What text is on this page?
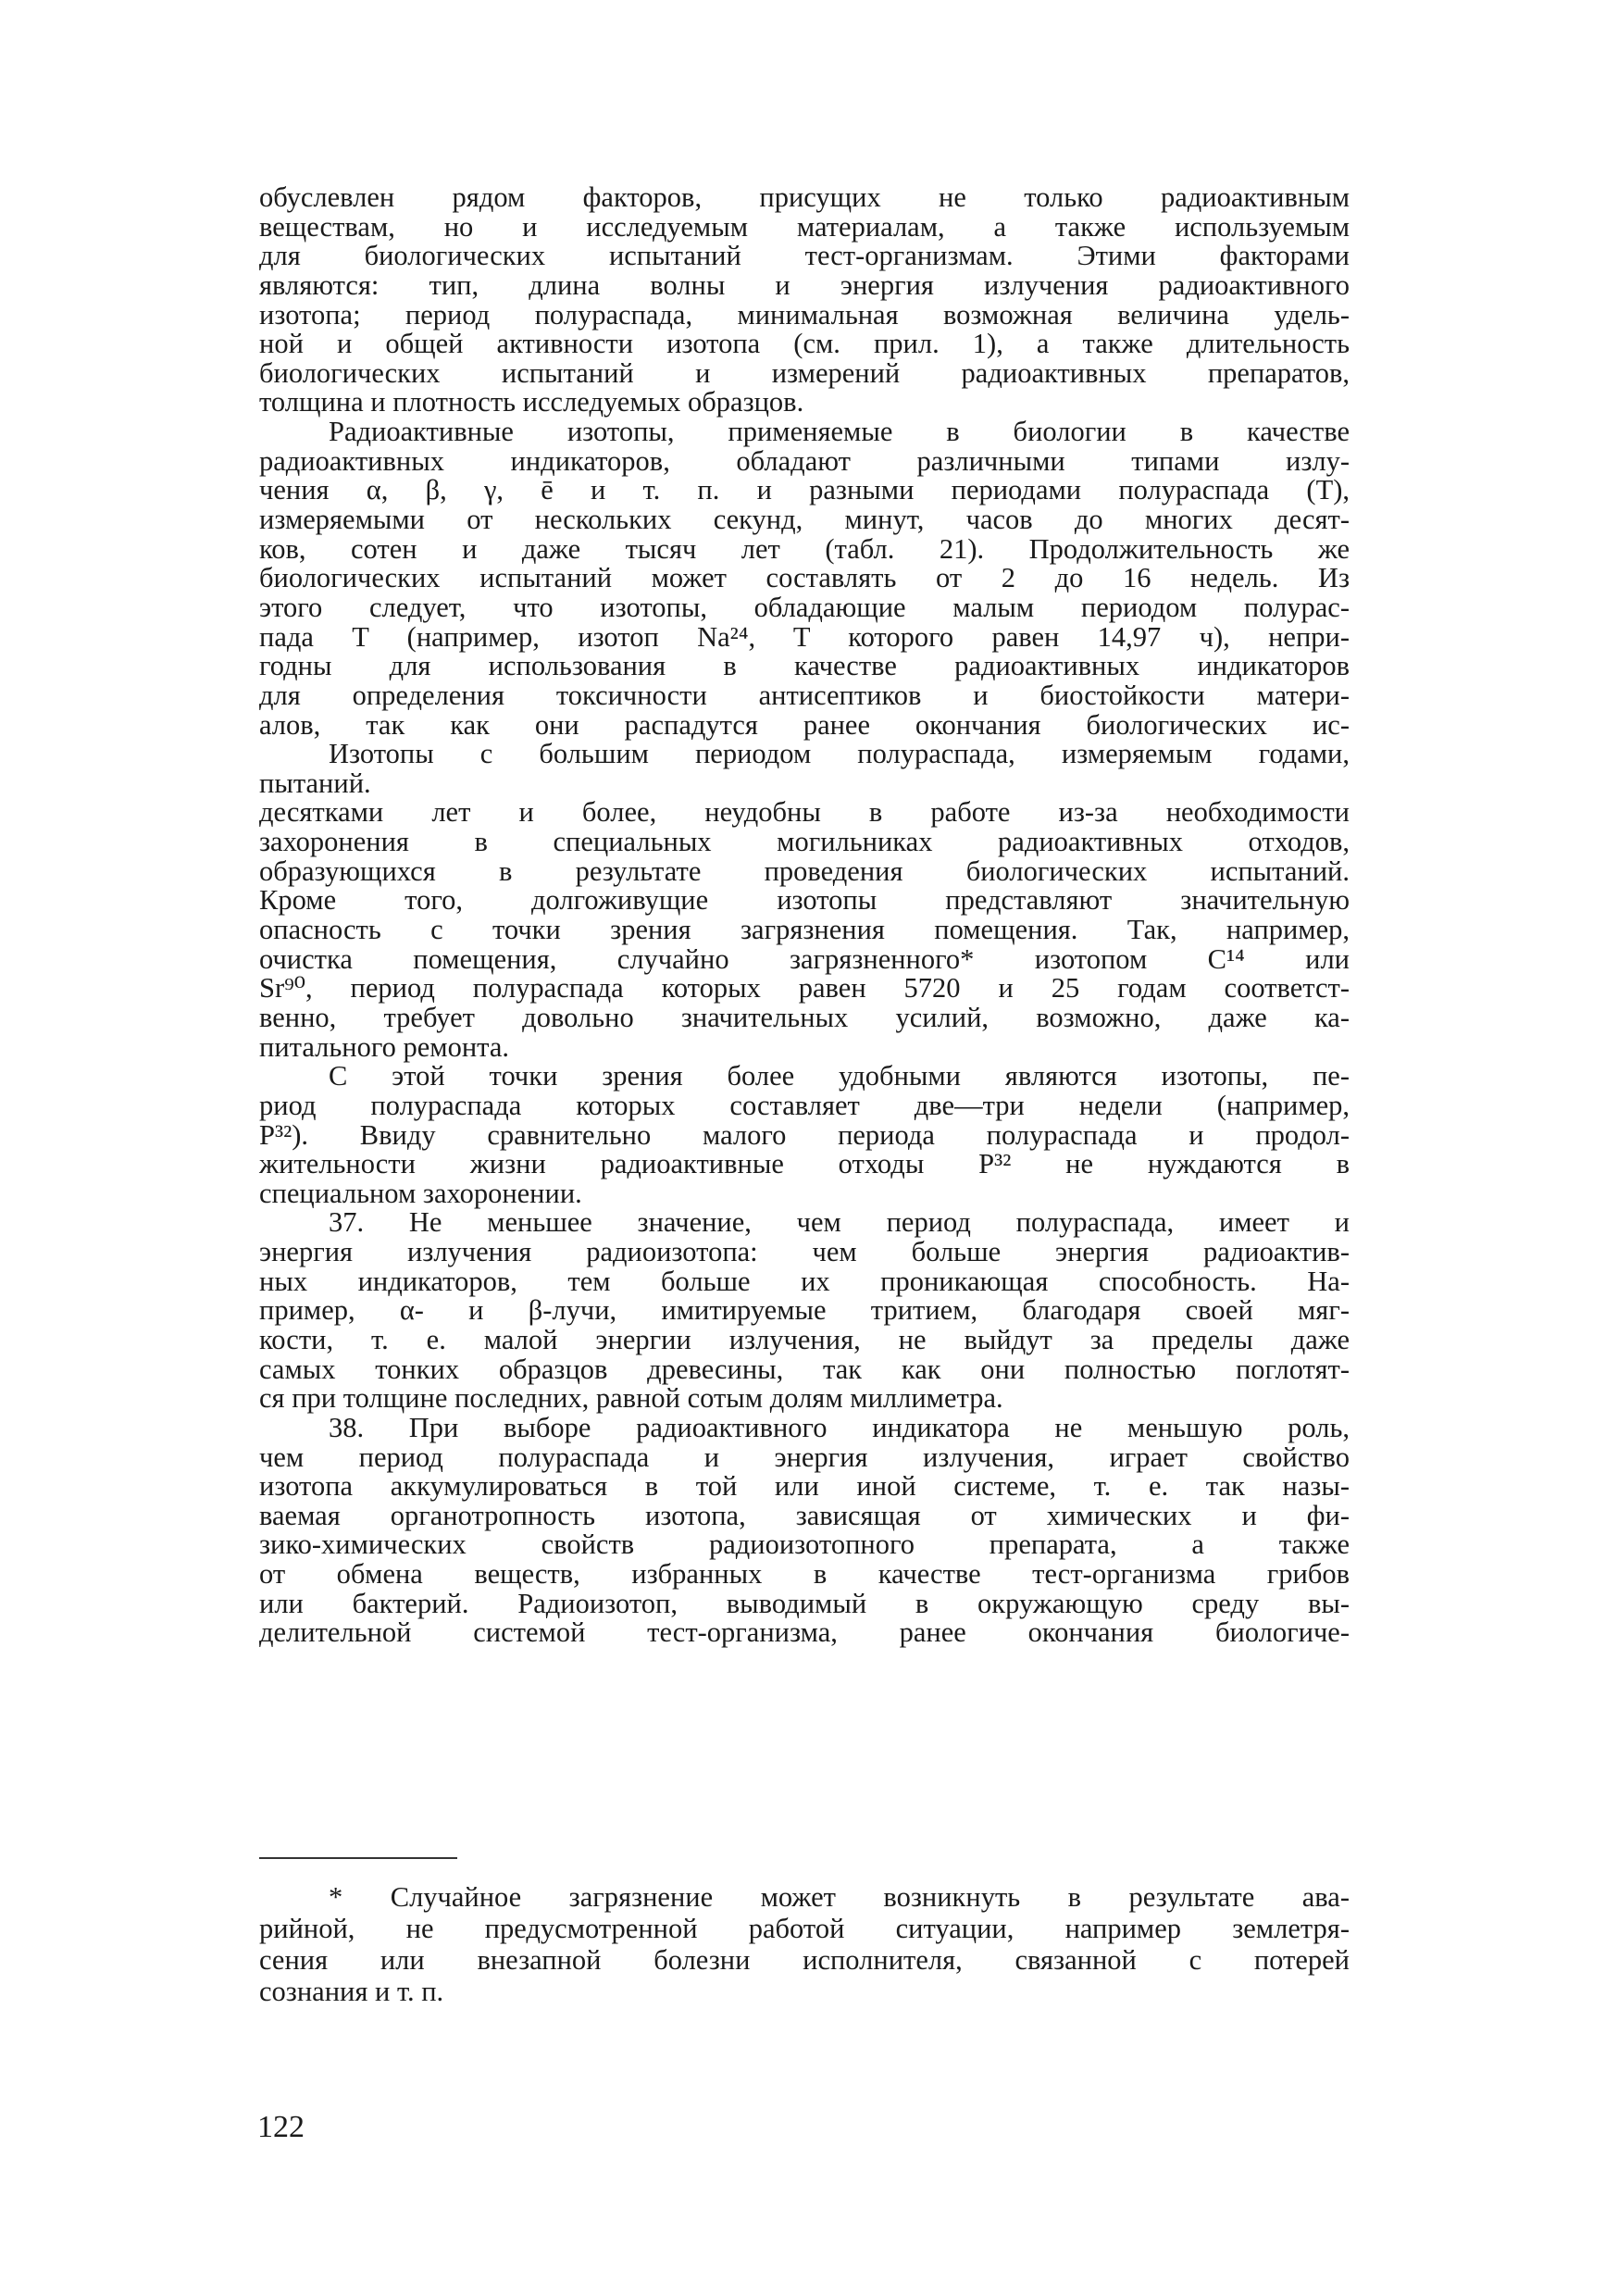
обуслевлен рядом факторов, присущих не только радиоактивным
веществам, но и исследуемым материалам, а также используемым
для биологических испытаний тест-организмам. Этими факторами
являются: тип, длина волны и энергия излучения радиоактивного
изотопа; период полураспада, минимальная возможная величина удель-
ной и общей активности изотопа (см. прил. 1), а также длительность
биологических испытаний и измерений радиоактивных препаратов,
толщина и плотность исследуемых образцов.
Радиоактивные изотопы, применяемые в биологии в качестве
радиоактивных индикаторов, обладают различными типами излу-
чения α, β, γ, ē и т. п. и разными периодами полураспада (T),
измеряемыми от нескольких секунд, минут, часов до многих десят-
ков, сотен и даже тысяч лет (табл. 21). Продолжительность же
биологических испытаний может составлять от 2 до 16 недель. Из
этого следует, что изотопы, обладающие малым периодом полурас-
пада T (например, изотоп Na²⁴, T которого равен 14,97 ч), непри-
годны для использования в качестве радиоактивных индикаторов
для определения токсичности антисептиков и биостойкости матери-
алов, так как они распадутся ранее окончания биологических ис-
Изотопы с большим периодом полураспада, измеряемым годами,
пытаний.
десятками лет и более, неудобны в работе из-за необходимости
захоронения в специальных могильниках радиоактивных отходов,
образующихся в результате проведения биологических испытаний.
Кроме того, долгоживущие изотопы представляют значительную
опасность с точки зрения загрязнения помещения. Так, например,
очистка помещения, случайно загрязненного* изотопом C¹⁴ или
Sr⁹⁰, период полураспада которых равен 5720 и 25 годам соответст-
венно, требует довольно значительных усилий, возможно, даже ка-
питального ремонта.
С этой точки зрения более удобными являются изотопы, пе-
риод полураспада которых составляет две—три недели (например,
P³²). Ввиду сравнительно малого периода полураспада и продол-
жительности жизни радиоактивные отходы P³² не нуждаются в
специальном захоронении.
37. Не меньшее значение, чем период полураспада, имеет и
энергия излучения радиоизотопа: чем больше энергия радиоактив-
ных индикаторов, тем больше их проникающая способность. На-
пример, α- и β-лучи, имитируемые тритием, благодаря своей мяг-
кости, т. е. малой энергии излучения, не выйдут за пределы даже
самых тонких образцов древесины, так как они полностью поглотят-
ся при толщине последних, равной сотым долям миллиметра.
38. При выборе радиоактивного индикатора не меньшую роль,
чем период полураспада и энергия излучения, играет свойство
изотопа аккумулироваться в той или иной системе, т. е. так назы-
ваемая органотропность изотопа, зависящая от химических и фи-
зико-химических свойств радиоизотопного препарата, а также
от обмена веществ, избранных в качестве тест-организма грибов
или бактерий. Радиоизотоп, выводимый в окружающую среду вы-
делительной системой тест-организма, ранее окончания биологиче-
* Случайное загрязнение может возникнуть в результате ава-
рийной, не предусмотренной работой ситуации, например землетря-
сения или внезапной болезни исполнителя, связанной с потерей
сознания и т. п.
122
